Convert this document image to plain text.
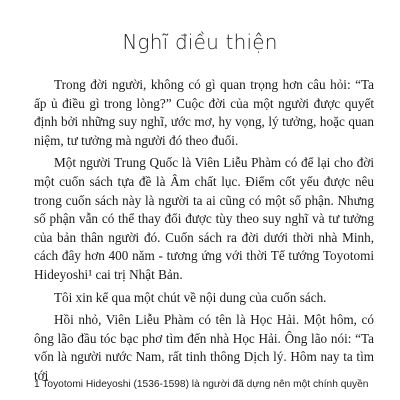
Nghĩ điều thiện

Trong đời người, không có gì quan trọng hơn câu hỏi: “Ta ấp ủ điều gì trong lòng?” Cuộc đời của một người được quyết định bởi những suy nghĩ, ước mơ, hy vọng, lý tưởng, hoặc quan niệm, tư tưởng mà người đó theo đuổi.

Một người Trung Quốc là Viên Liễu Phàm có để lại cho đời một cuốn sách tựa đề là Âm chất lục. Điểm cốt yếu được nêu trong cuốn sách này là người ta ai cũng có một số phận. Nhưng số phận vẫn có thể thay đổi được tùy theo suy nghĩ và tư tưởng của bản thân người đó. Cuốn sách ra đời dưới thời nhà Minh, cách đây hơn 400 năm - tương ứng với thời Tể tướng Toyotomi Hideyoshi¹ cai trị Nhật Bản.

Tôi xin kể qua một chút về nội dung của cuốn sách.

Hồi nhỏ, Viên Liễu Phàm có tên là Học Hải. Một hôm, có ông lão đầu tóc bạc phơ tìm đến nhà Học Hải. Ông lão nói: “Ta vốn là người nước Nam, rất tinh thông Dịch lý. Hôm nay ta tìm tới

1 Toyotomi Hideyoshi (1536-1598) là người đã dựng nên một chính quyền
